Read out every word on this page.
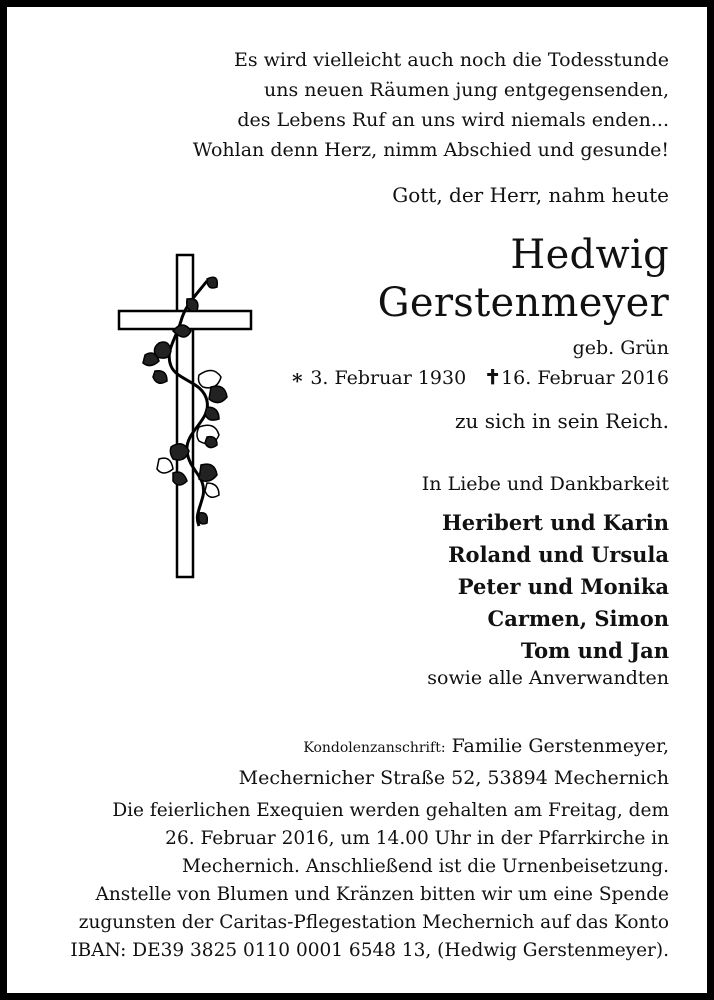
Es wird vielleicht auch noch die Todesstunde
uns neuen Räumen jung entgegensenden,
des Lebens Ruf an uns wird niemals enden...
Wohlan denn Herz, nimm Abschied und gesunde!
Gott, der Herr, nahm heute
Hedwig
Gerstenmeyer
geb. Grün
∗ 3. Februar 1930 ✝16. Februar 2016
zu sich in sein Reich.
In Liebe und Dankbarkeit
Heribert und Karin
Roland und Ursula
Peter und Monika
Carmen, Simon
Tom und Jan
sowie alle Anverwandten
Kondolenzanschrift: Familie Gerstenmeyer,
Mechernicher Straße 52, 53894 Mechernich
Die feierlichen Exequien werden gehalten am Freitag, dem
26. Februar 2016, um 14.00 Uhr in der Pfarrkirche in
Mechernich. Anschließend ist die Urnenbeisetzung.
Anstelle von Blumen und Kränzen bitten wir um eine Spende
zugunsten der Caritas-Pflegestation Mechernich auf das Konto
IBAN: DE39 3825 0110 0001 6548 13, (Hedwig Gerstenmeyer).
